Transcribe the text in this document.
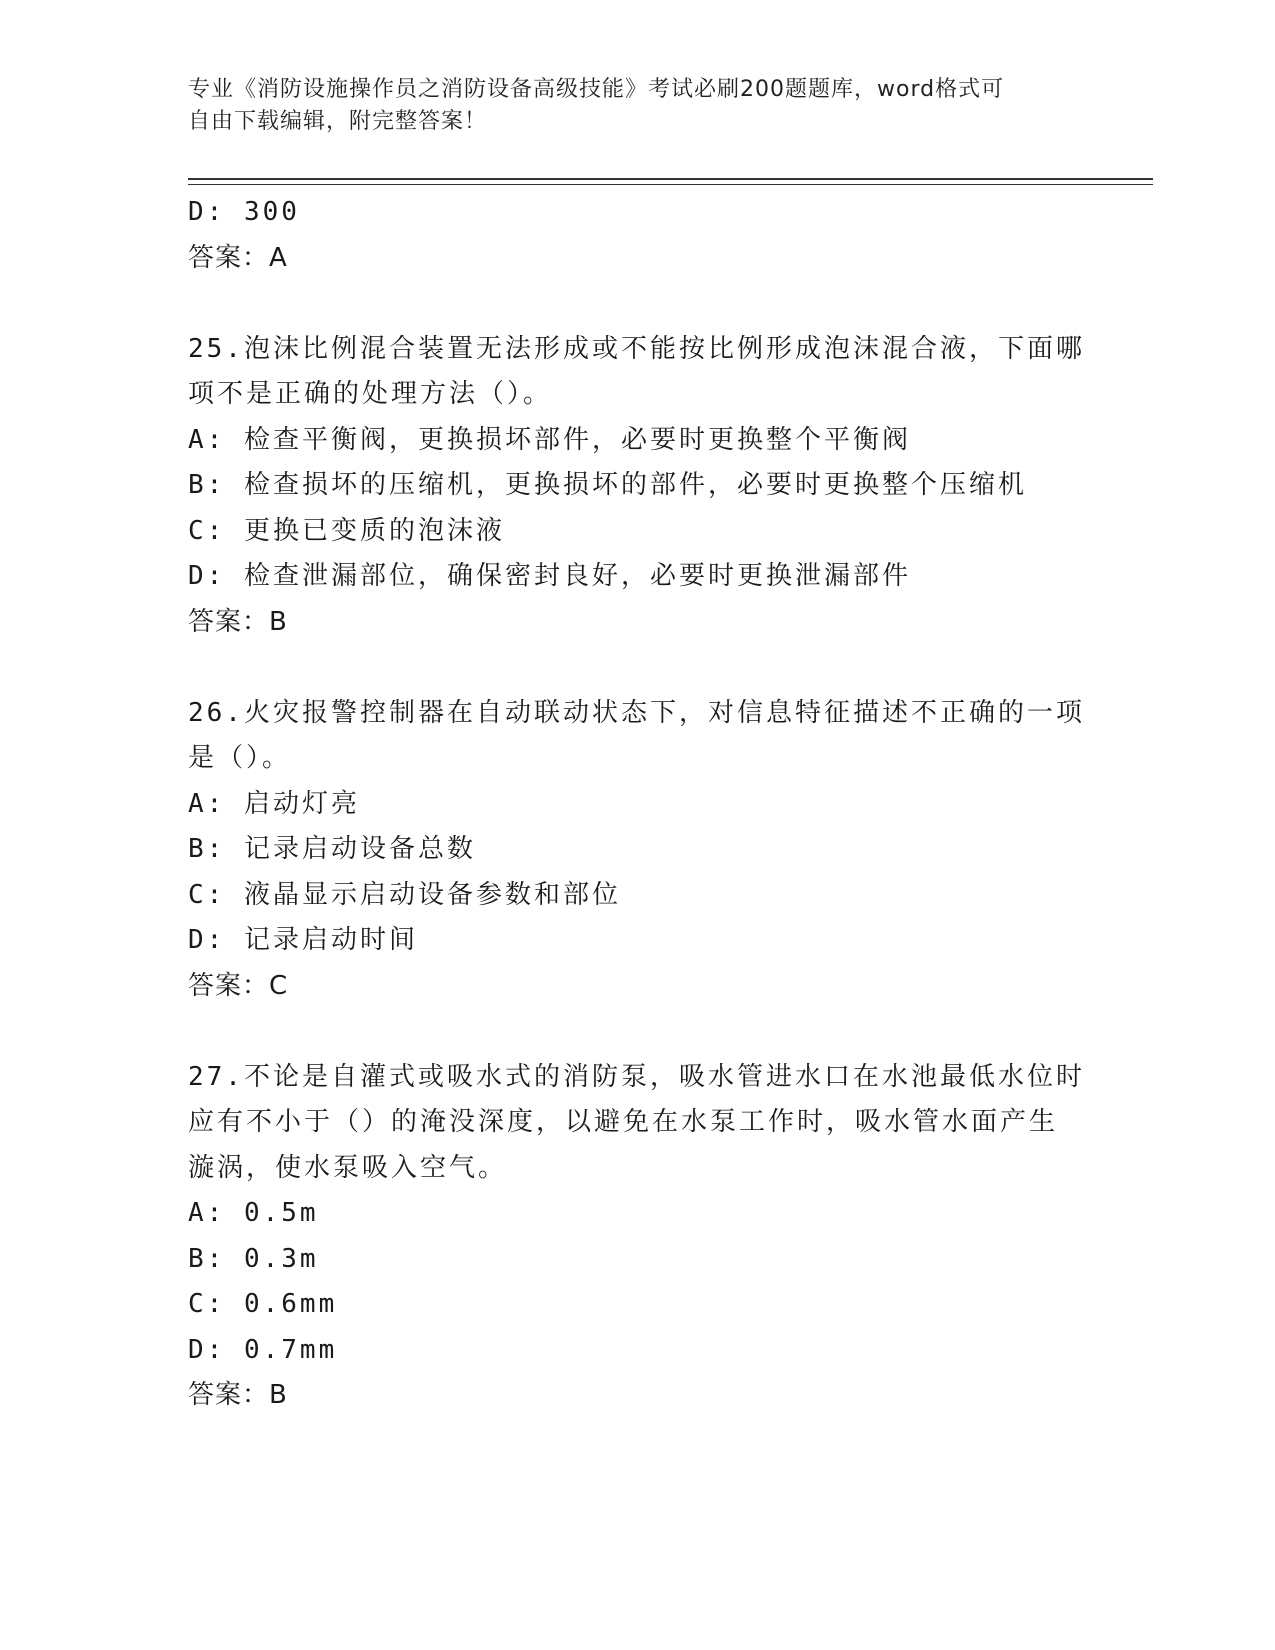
专业《消防设施操作员之消防设备高级技能》考试必刷200题题库，word格式可
自由下载编辑，附完整答案！
D: 300
答案：A
25.泡沫比例混合装置无法形成或不能按比例形成泡沫混合液，下面哪
项不是正确的处理方法（）。
A: 检查平衡阀，更换损坏部件，必要时更换整个平衡阀
B: 检查损坏的压缩机，更换损坏的部件，必要时更换整个压缩机
C: 更换已变质的泡沫液
D: 检查泄漏部位，确保密封良好，必要时更换泄漏部件
答案：B
26.火灾报警控制器在自动联动状态下，对信息特征描述不正确的一项
是（）。
A: 启动灯亮
B: 记录启动设备总数
C: 液晶显示启动设备参数和部位
D: 记录启动时间
答案：C
27.不论是自灌式或吸水式的消防泵，吸水管进水口在水池最低水位时
应有不小于（）的淹没深度，以避免在水泵工作时，吸水管水面产生
漩涡，使水泵吸入空气。
A: 0.5m
B: 0.3m
C: 0.6mm
D: 0.7mm
答案：B
